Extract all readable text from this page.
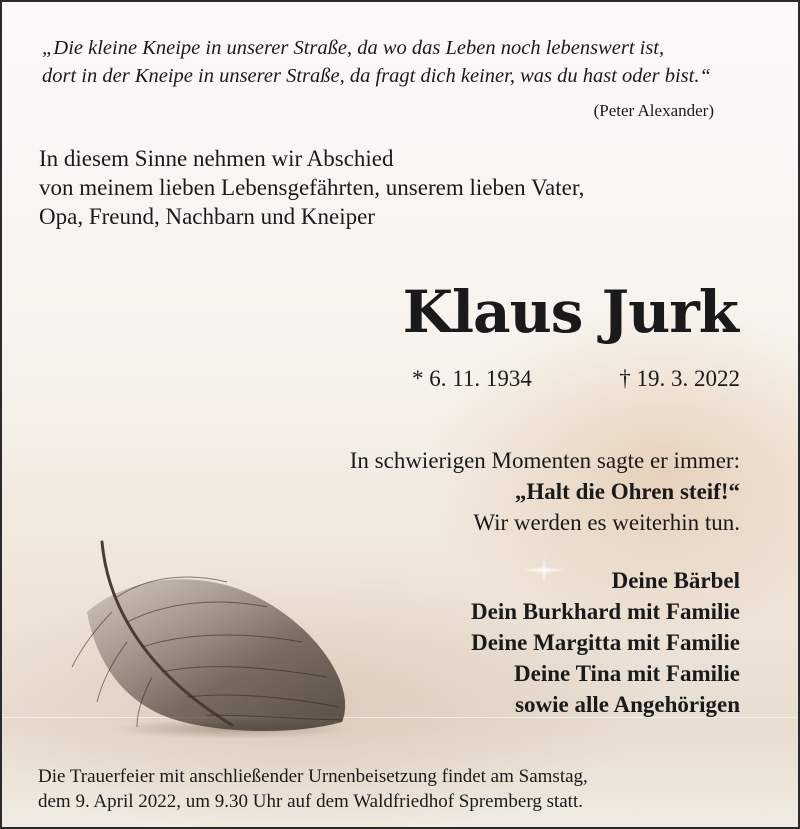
„Die kleine Kneipe in unserer Straße, da wo das Leben noch lebenswert ist,
dort in der Kneipe in unserer Straße, da fragt dich keiner, was du hast oder bist.“
(Peter Alexander)
In diesem Sinne nehmen wir Abschied
von meinem lieben Lebensgefährten, unserem lieben Vater,
Opa, Freund, Nachbarn und Kneiper
Klaus Jurk
* 6. 11. 1934	† 19. 3. 2022
In schwierigen Momenten sagte er immer:
„Halt die Ohren steif!“
Wir werden es weiterhin tun.
Deine Bärbel
Dein Burkhard mit Familie
Deine Margitta mit Familie
Deine Tina mit Familie
sowie alle Angehörigen
Die Trauerfeier mit anschließender Urnenbeisetzung findet am Samstag,
dem 9. April 2022, um 9.30 Uhr auf dem Waldfriedhof Spremberg statt.
